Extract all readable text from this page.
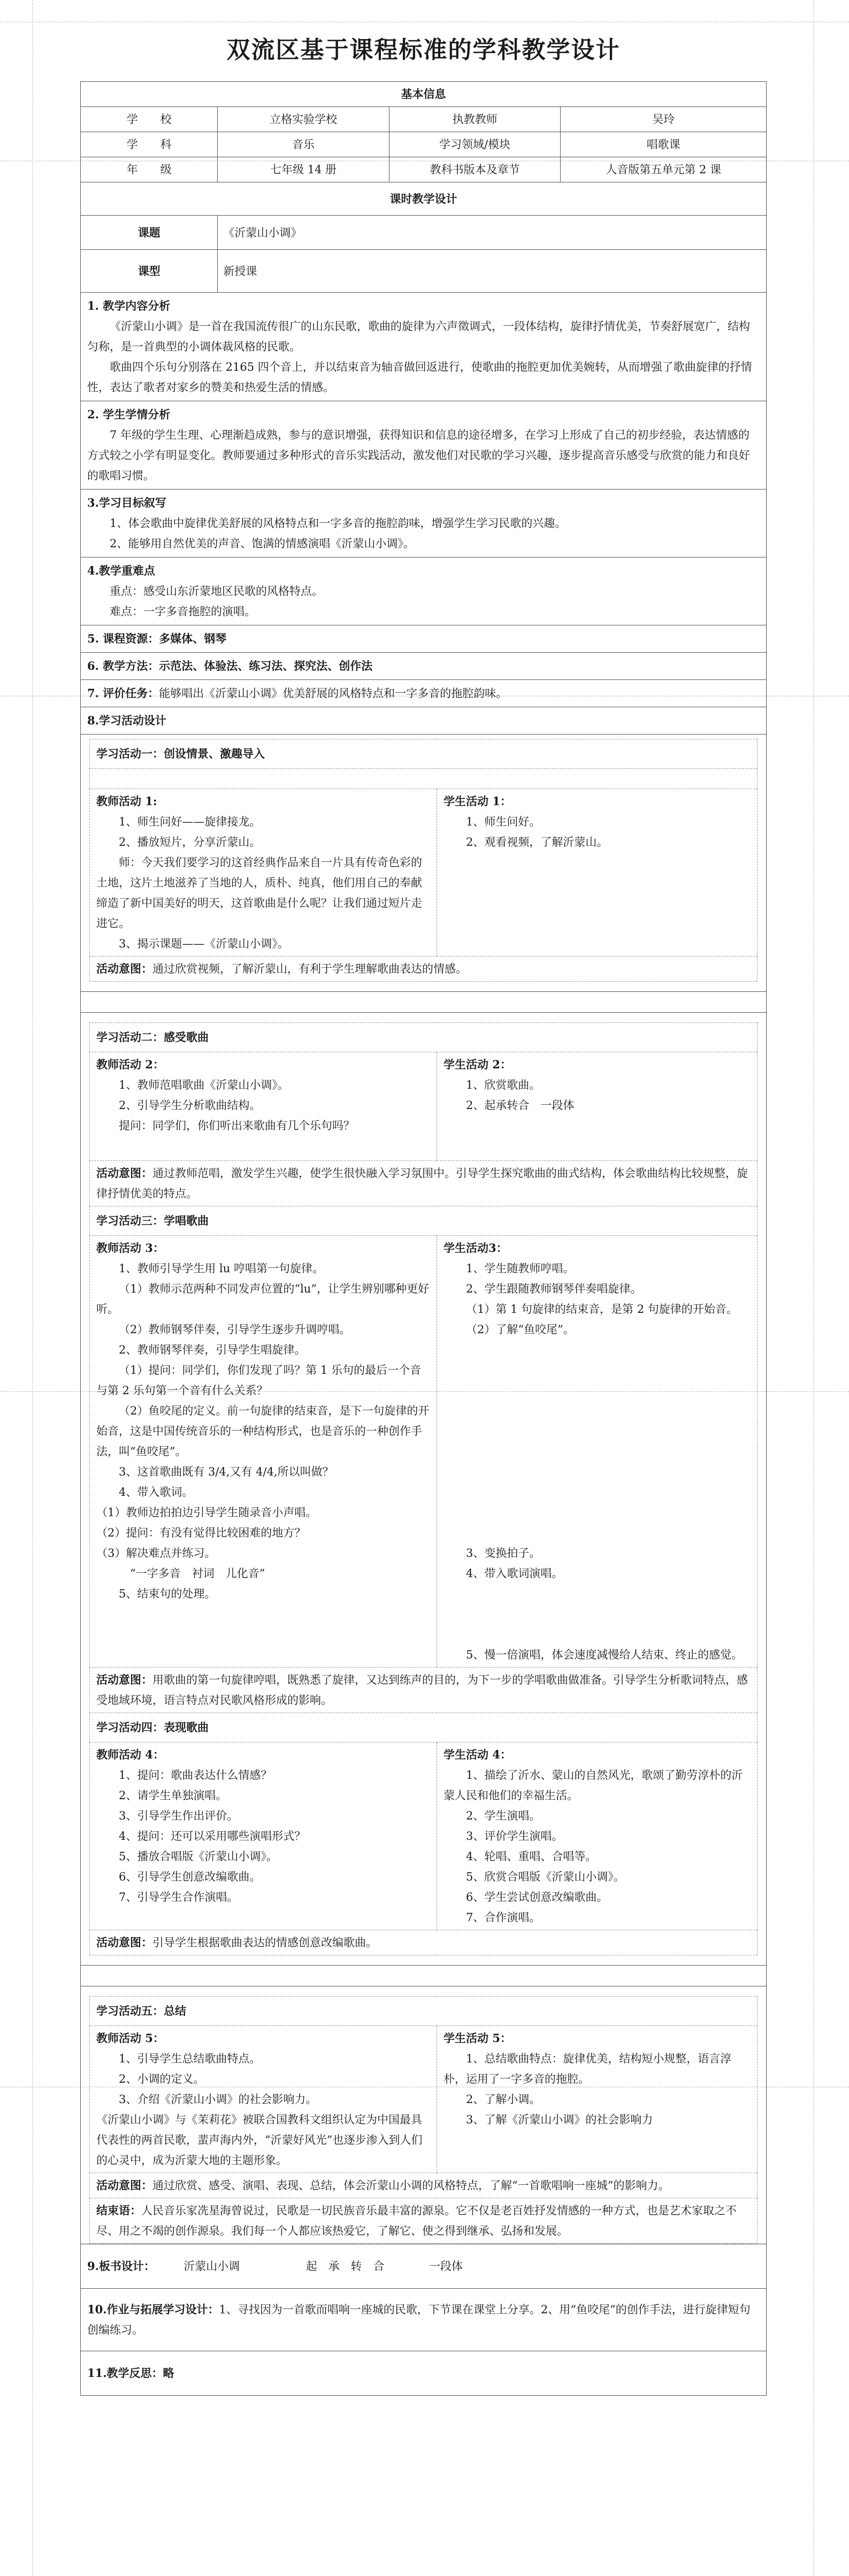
双流区基于课程标准的学科教学设计
基本信息			
学　　校	立格实验学校	执教教师	吴玲
学　　科	音乐	学习领域/模块	唱歌课
年　　级	七年级 14 册	教科书版本及章节	人音版第五单元第 2 课
课时教学设计			
课题	《沂蒙山小调》		
课型	新授课		

1. 教学内容分析

《沂蒙山小调》是一首在我国流传很广的山东民歌，歌曲的旋律为六声徵调式，一段体结构，旋律抒情优美，节奏舒展宽广，结构匀称，是一首典型的小调体裁风格的民歌。

歌曲四个乐句分别落在 2165 四个音上，并以结束音为轴音做回返进行，使歌曲的拖腔更加优美婉转，从而增强了歌曲旋律的抒情性，表达了歌者对家乡的赞美和热爱生活的情感。

2. 学生学情分析

7 年级的学生生理、心理渐趋成熟，参与的意识增强，获得知识和信息的途径增多，在学习上形成了自己的初步经验，表达情感的方式较之小学有明显变化。教师要通过多种形式的音乐实践活动，激发他们对民歌的学习兴趣，逐步提高音乐感受与欣赏的能力和良好的歌唱习惯。

3.学习目标叙写

1、体会歌曲中旋律优美舒展的风格特点和一字多音的拖腔韵味，增强学生学习民歌的兴趣。

2、能够用自然优美的声音、饱满的情感演唱《沂蒙山小调》。

4.教学重难点

重点：感受山东沂蒙地区民歌的风格特点。

难点：一字多音拖腔的演唱。

5. 课程资源：多媒体、钢琴

6. 教学方法：示范法、体验法、练习法、探究法、创作法

7. 评价任务：能够唱出《沂蒙山小调》优美舒展的风格特点和一字多音的拖腔韵味。

8.学习活动设计

学习活动一：创设情景、激趣导入

教师活动 1:

1、师生问好——旋律接龙。

2、播放短片，分享沂蒙山。

师：今天我们要学习的这首经典作品来自一片具有传奇色彩的土地，这片土地滋养了当地的人，质朴、纯真，他们用自己的奉献缔造了新中国美好的明天，这首歌曲是什么呢？让我们通过短片走进它。

3、揭示课题——《沂蒙山小调》。

学生活动 1：

1、师生问好。

2、观看视频，了解沂蒙山。

活动意图：通过欣赏视频，了解沂蒙山，有利于学生理解歌曲表达的情感。
学习活动二：感受歌曲

教师活动 2：

1、教师范唱歌曲《沂蒙山小调》。

2、引导学生分析歌曲结构。

提问：同学们，你们听出来歌曲有几个乐句吗？

学生活动 2：

1、欣赏歌曲。

2、起承转合　一段体

活动意图：通过教师范唱，激发学生兴趣，使学生很快融入学习氛围中。引导学生探究歌曲的曲式结构，体会歌曲结构比较规整，旋律抒情优美的特点。
学习活动三：学唱歌曲

教师活动 3：

1、教师引导学生用 lu 哼唱第一句旋律。

（1）教师示范两种不同发声位置的“lu”，让学生辨别哪种更好听。

（2）教师钢琴伴奏，引导学生逐步升调哼唱。

2、教师钢琴伴奏，引导学生唱旋律。

（1）提问：同学们，你们发现了吗？第 1 乐句的最后一个音与第 2 乐句第一个音有什么关系？

（2）鱼咬尾的定义。前一句旋律的结束音，是下一句旋律的开始音，这是中国传统音乐的一种结构形式，也是音乐的一种创作手法，叫“鱼咬尾”。

3、这首歌曲既有 3/4,又有 4/4,所以叫做？

4、带入歌词。

（1）教师边拍拍边引导学生随录音小声唱。

（2）提问：有没有觉得比较困难的地方？

（3）解决难点并练习。

“一字多音　衬词　儿化音”

5、结束句的处理。

学生活动3：

1、学生随教师哼唱。

2、学生跟随教师钢琴伴奏唱旋律。

（1）第 1 句旋律的结束音，是第 2 句旋律的开始音。

（2）了解“鱼咬尾”。

3、变换拍子。

4、带入歌词演唱。

5、慢一倍演唱，体会速度减慢给人结束、终止的感觉。

活动意图：用歌曲的第一句旋律哼唱，既熟悉了旋律，又达到练声的目的，为下一步的学唱歌曲做准备。引导学生分析歌词特点，感受地域环境，语言特点对民歌风格形成的影响。
学习活动四：表现歌曲

教师活动 4：

1、提问：歌曲表达什么情感？

2、请学生单独演唱。

3、引导学生作出评价。

4、提问：还可以采用哪些演唱形式？

5、播放合唱版《沂蒙山小调》。

6、引导学生创意改编歌曲。

7、引导学生合作演唱。

学生活动 4：

1、描绘了沂水、蒙山的自然风光，歌颂了勤劳淳朴的沂蒙人民和他们的幸福生活。

2、学生演唱。

3、评价学生演唱。

4、轮唱、重唱、合唱等。

5、欣赏合唱版《沂蒙山小调》。

6、学生尝试创意改编歌曲。

7、合作演唱。

活动意图：引导学生根据歌曲表达的情感创意改编歌曲。
学习活动五：总结

教师活动 5：

1、引导学生总结歌曲特点。

2、小调的定义。

3、介绍《沂蒙山小调》的社会影响力。

《沂蒙山小调》与《茉莉花》被联合国教科文组织认定为中国最具代表性的两首民歌，蜚声海内外，“沂蒙好风光”也逐步渗入到人们的心灵中，成为沂蒙大地的主题形象。

学生活动 5：

1、总结歌曲特点：旋律优美，结构短小规整，语言淳朴，运用了一字多音的拖腔。

2、了解小调。

3、了解《沂蒙山小调》的社会影响力

活动意图：通过欣赏、感受、演唱、表现、总结，体会沂蒙山小调的风格特点，了解“一首歌唱响一座城”的影响力。
结束语：人民音乐家冼星海曾说过，民歌是一切民族音乐最丰富的源泉。它不仅是老百姓抒发情感的一种方式，也是艺术家取之不尽、用之不竭的创作源泉。我们每一个人都应该热爱它，了解它、使之得到继承、弘扬和发展。

9.板书设计：	沂蒙山小调	起　承　转　合	一段体

10.作业与拓展学习设计：1、寻找因为一首歌而唱响一座城的民歌，下节课在课堂上分享。2、用“鱼咬尾”的创作手法，进行旋律短句创编练习。

11.教学反思：略
